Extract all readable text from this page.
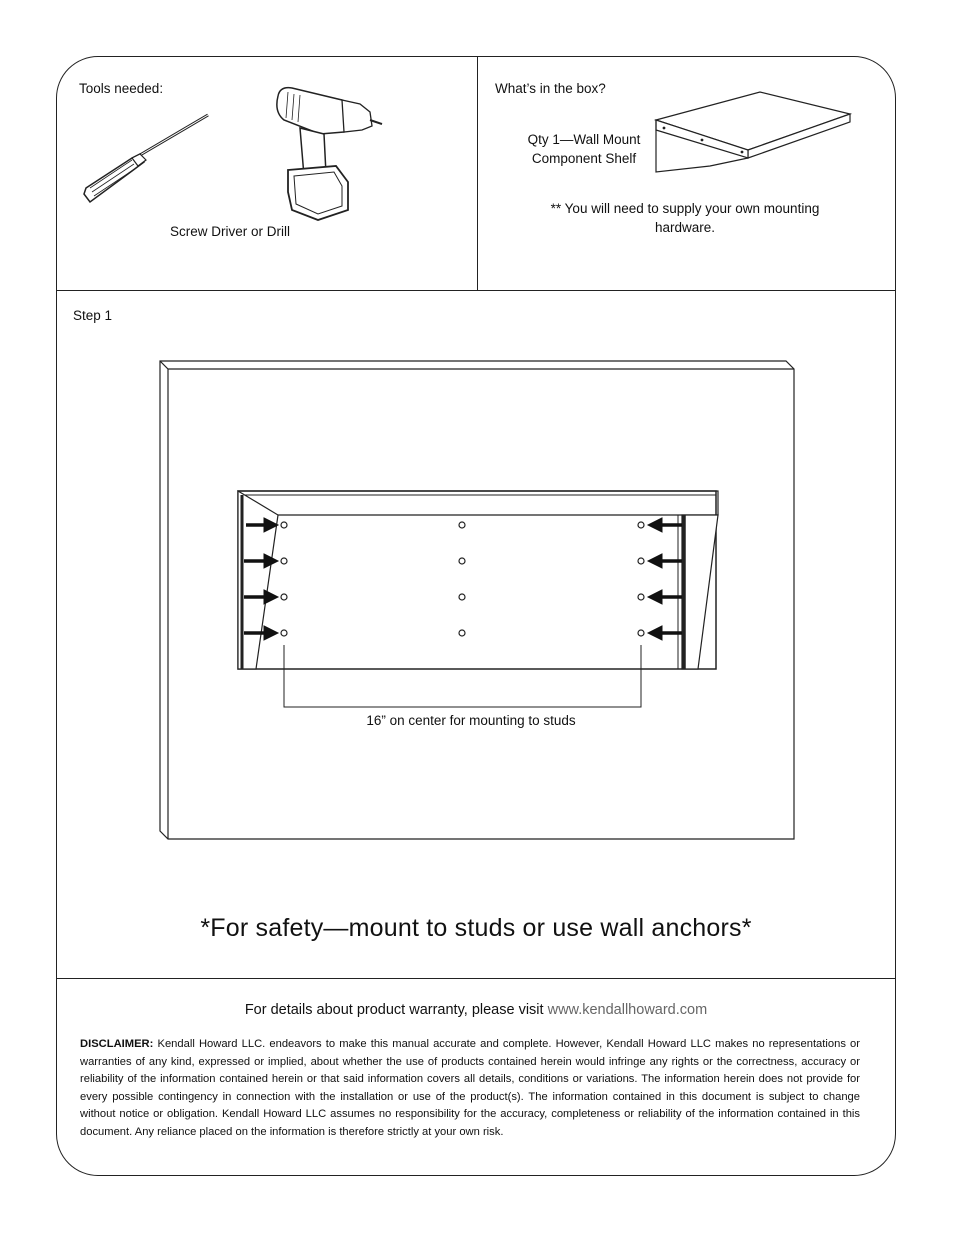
Tools needed:
Screw Driver or Drill
What’s in the box?
Qty 1—Wall Mount
Component Shelf
** You will need to supply your own mounting
hardware.
Step 1
16” on center for mounting to studs
*For safety—mount to studs or use wall anchors*
For details about product warranty, please visit www.kendallhoward.com
DISCLAIMER: Kendall Howard LLC. endeavors to make this manual accurate and complete. However, Kendall Howard LLC makes no representations or warranties of any kind, expressed or implied, about whether the use of products contained herein would infringe any rights or the correctness, accuracy or reliability of the information contained herein or that said information covers all details, conditions or variations. The information herein does not provide for every possible contingency in connection with the installation or use of the product(s). The information contained in this document is subject to change without notice or obligation. Kendall Howard LLC assumes no responsibility for the accuracy, completeness or reliability of the information contained in this document. Any reliance placed on the information is therefore strictly at your own risk.
